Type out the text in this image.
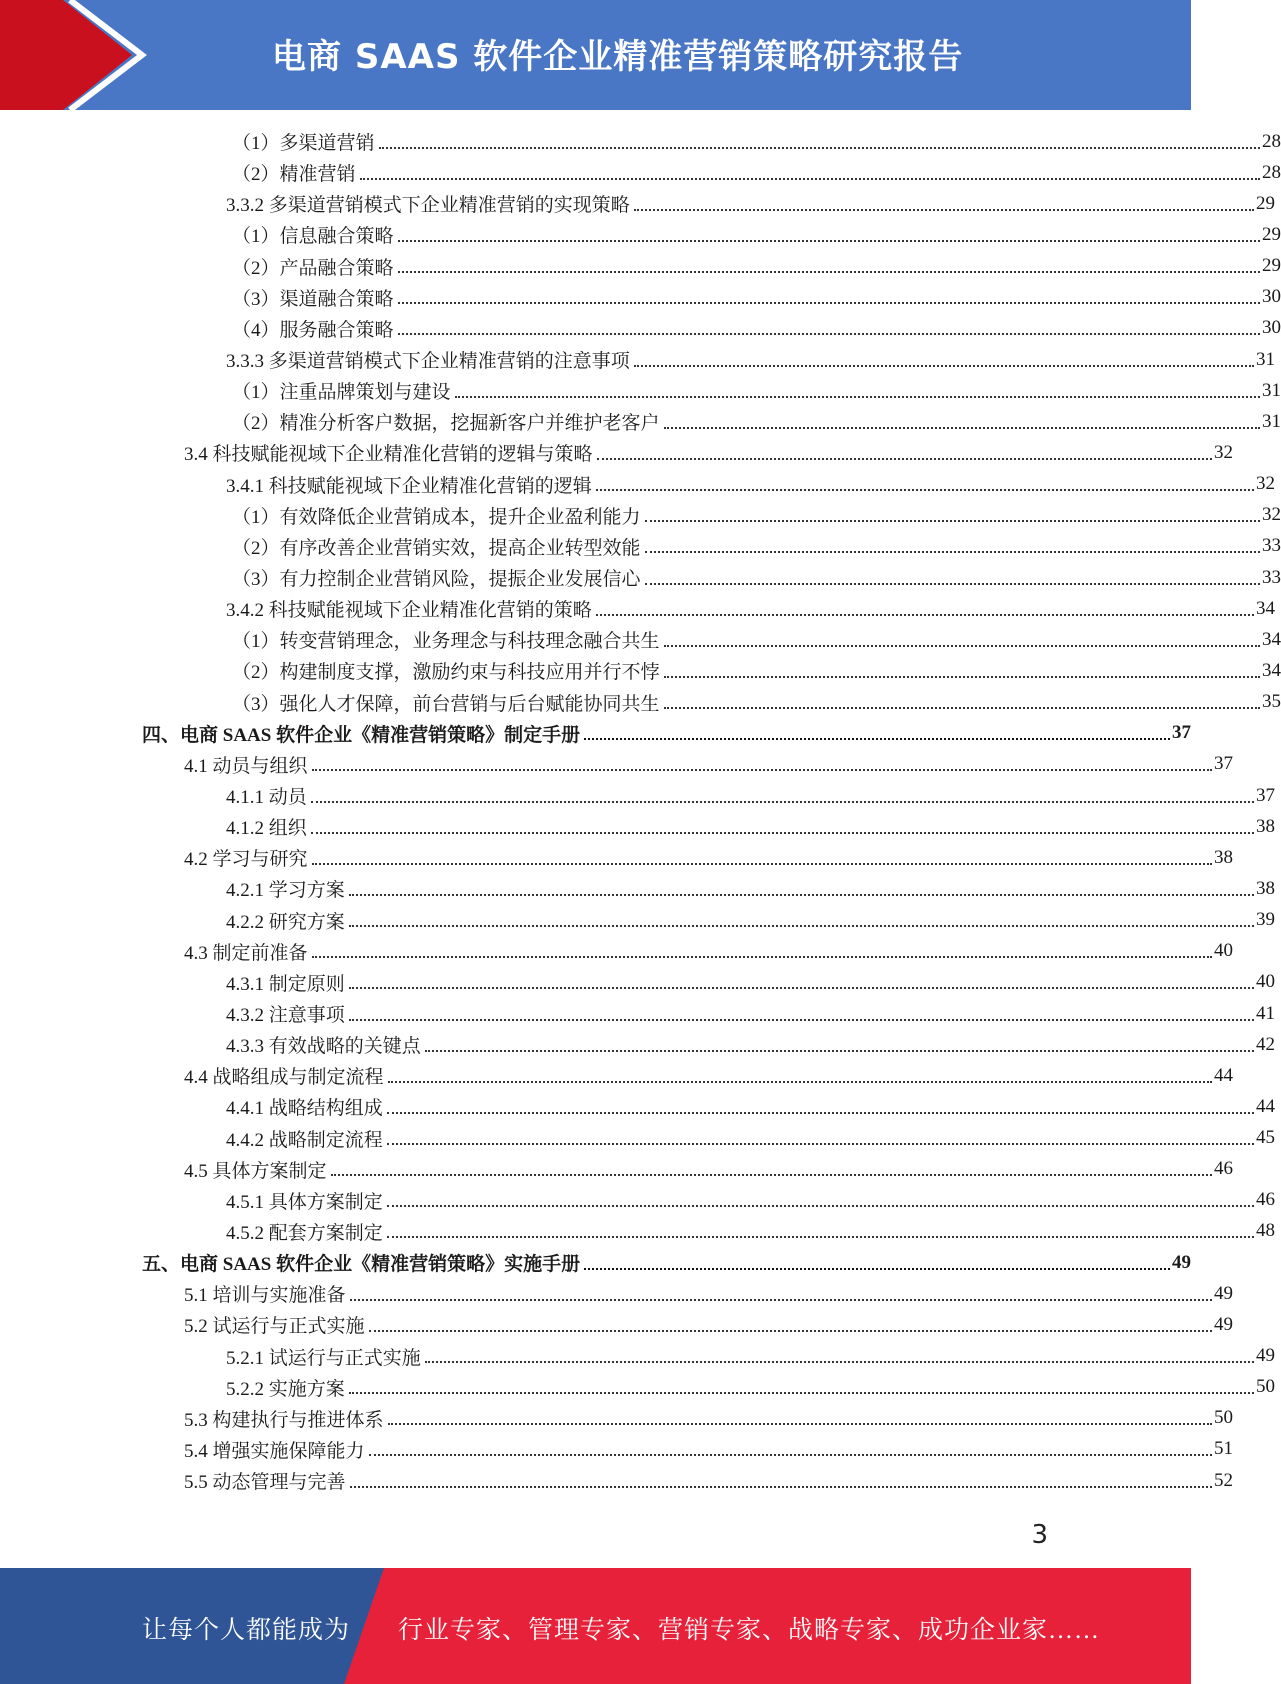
电商 SAAS 软件企业精准营销策略研究报告
（1）多渠道营销	28
（2）精准营销	28
3.3.2 多渠道营销模式下企业精准营销的实现策略	29
（1）信息融合策略	29
（2）产品融合策略	29
（3）渠道融合策略	30
（4）服务融合策略	30
3.3.3 多渠道营销模式下企业精准营销的注意事项	31
（1）注重品牌策划与建设	31
（2）精准分析客户数据，挖掘新客户并维护老客户	31
3.4 科技赋能视域下企业精准化营销的逻辑与策略	32
3.4.1 科技赋能视域下企业精准化营销的逻辑	32
（1）有效降低企业营销成本，提升企业盈利能力	32
（2）有序改善企业营销实效，提高企业转型效能	33
（3）有力控制企业营销风险，提振企业发展信心	33
3.4.2 科技赋能视域下企业精准化营销的策略	34
（1）转变营销理念，业务理念与科技理念融合共生	34
（2）构建制度支撑，激励约束与科技应用并行不悖	34
（3）强化人才保障，前台营销与后台赋能协同共生	35
四、电商 SAAS 软件企业《精准营销策略》制定手册	37
4.1 动员与组织	37
4.1.1 动员	37
4.1.2 组织	38
4.2 学习与研究	38
4.2.1 学习方案	38
4.2.2 研究方案	39
4.3 制定前准备	40
4.3.1 制定原则	40
4.3.2 注意事项	41
4.3.3 有效战略的关键点	42
4.4 战略组成与制定流程	44
4.4.1 战略结构组成	44
4.4.2 战略制定流程	45
4.5 具体方案制定	46
4.5.1 具体方案制定	46
4.5.2 配套方案制定	48
五、电商 SAAS 软件企业《精准营销策略》实施手册	49
5.1 培训与实施准备	49
5.2 试运行与正式实施	49
5.2.1 试运行与正式实施	49
5.2.2 实施方案	50
5.3 构建执行与推进体系	50
5.4 增强实施保障能力	51
5.5 动态管理与完善	52
3
让每个人都能成为 行业专家、管理专家、营销专家、战略专家、成功企业家……
